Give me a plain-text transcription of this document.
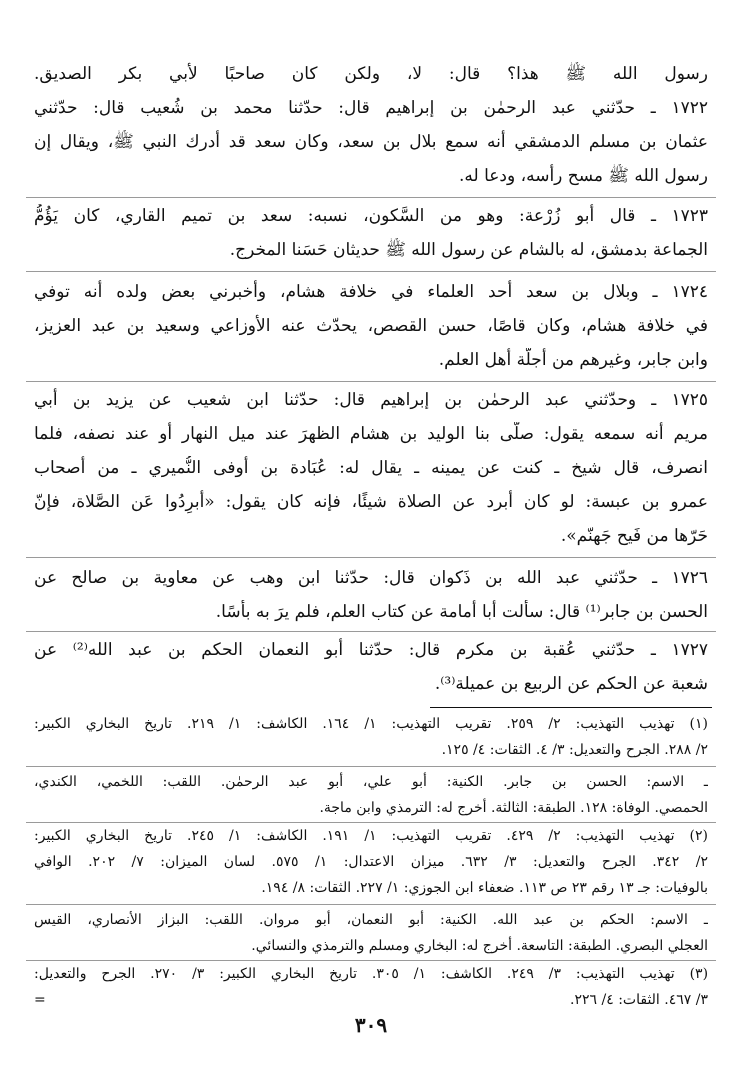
رسول الله ﷺ هذا؟ قال: لا، ولكن كان صاحبًا لأبي بكر الصديق.
١٧٢٢ ـ حدّثني عبد الرحمٰن بن إبراهيم قال: حدّثنا محمد بن شُعيب قال: حدّثني
عثمان بن مسلم الدمشقي أنه سمع بلال بن سعد، وكان سعد قد أدرك النبي ﷺ، ويقال إن
رسول الله ﷺ مسح رأسه، ودعا له.
١٧٢٣ ـ قال أبو زُرْعة: وهو من السَّكون، نسبه: سعد بن تميم القاري، كان يَؤُمُّ
الجماعة بدمشق، له بالشام عن رسول الله ﷺ حديثان حَسَنا المخرج.
١٧٢٤ ـ وبلال بن سعد أحد العلماء في خلافة هشام، وأخبرني بعض ولده أنه توفي
في خلافة هشام، وكان قاصًا، حسن القصص، يحدّث عنه الأوزاعي وسعيد بن عبد العزيز،
وابن جابر، وغيرهم من أجلّة أهل العلم.
١٧٢٥ ـ وحدّثني عبد الرحمٰن بن إبراهيم قال: حدّثنا ابن شعيب عن يزيد بن أبي
مريم أنه سمعه يقول: صلّى بنا الوليد بن هشام الظهرَ عند ميل النهار أو عند نصفه، فلما
انصرف، قال شيخ ـ كنت عن يمينه ـ يقال له: عُبَادة بن أوفى النُّميري ـ من أصحاب
عمرو بن عبسة: لو كان أبرد عن الصلاة شيئًا، فإنه كان يقول: «أَبرِدُوا عَن الصَّلاة، فإنّ
حَرّها من فَيح جَهنّم».
١٧٢٦ ـ حدّثني عبد الله بن ذَكوان قال: حدّثنا ابن وهب عن معاوية بن صالح عن
الحسن بن جابر⁽¹⁾ قال: سألت أبا أمامة عن كتاب العلم، فلم يرَ به بأسًا.
١٧٢٧ ـ حدّثني عُقبة بن مكرم قال: حدّثنا أبو النعمان الحكم بن عبد الله⁽²⁾ عن
شعبة عن الحكم عن الربيع بن عميلة⁽³⁾.
(١) تهذيب التهذيب: ٢/ ٢٥٩. تقريب التهذيب: ١/ ١٦٤. الكاشف: ١/ ٢١٩. تاريخ البخاري الكبير:
٢/ ٢٨٨. الجرح والتعديل: ٣/ ٤. الثقات: ٤/ ١٢٥.
ـ الاسم: الحسن بن جابر. الكنية: أبو علي، أبو عبد الرحمٰن. اللقب: اللخمي، الكندي،
الحمصي. الوفاة: ١٢٨. الطبقة: الثالثة. أخرج له: الترمذي وابن ماجة.
(٢) تهذيب التهذيب: ٢/ ٤٢٩. تقريب التهذيب: ١/ ١٩١. الكاشف: ١/ ٢٤٥. تاريخ البخاري الكبير:
٢/ ٣٤٢. الجرح والتعديل: ٣/ ٦٣٢. ميزان الاعتدال: ١/ ٥٧٥. لسان الميزان: ٧/ ٢٠٢. الوافي
بالوفيات: جـ ١٣ رقم ٢٣ ص ١١٣. ضعفاء ابن الجوزي: ١/ ٢٢٧. الثقات: ٨/ ١٩٤.
ـ الاسم: الحكم بن عبد الله. الكنية: أبو النعمان، أبو مروان. اللقب: البزاز الأنصاري، القيس
العجلي البصري. الطبقة: التاسعة. أخرج له: البخاري ومسلم والترمذي والنسائي.
(٣) تهذيب التهذيب: ٣/ ٢٤٩. الكاشف: ١/ ٣٠٥. تاريخ البخاري الكبير: ٣/ ٢٧٠. الجرح والتعديل:
٣/ ٤٦٧. الثقات: ٤/ ٢٢٦.
=
٣٠٩
